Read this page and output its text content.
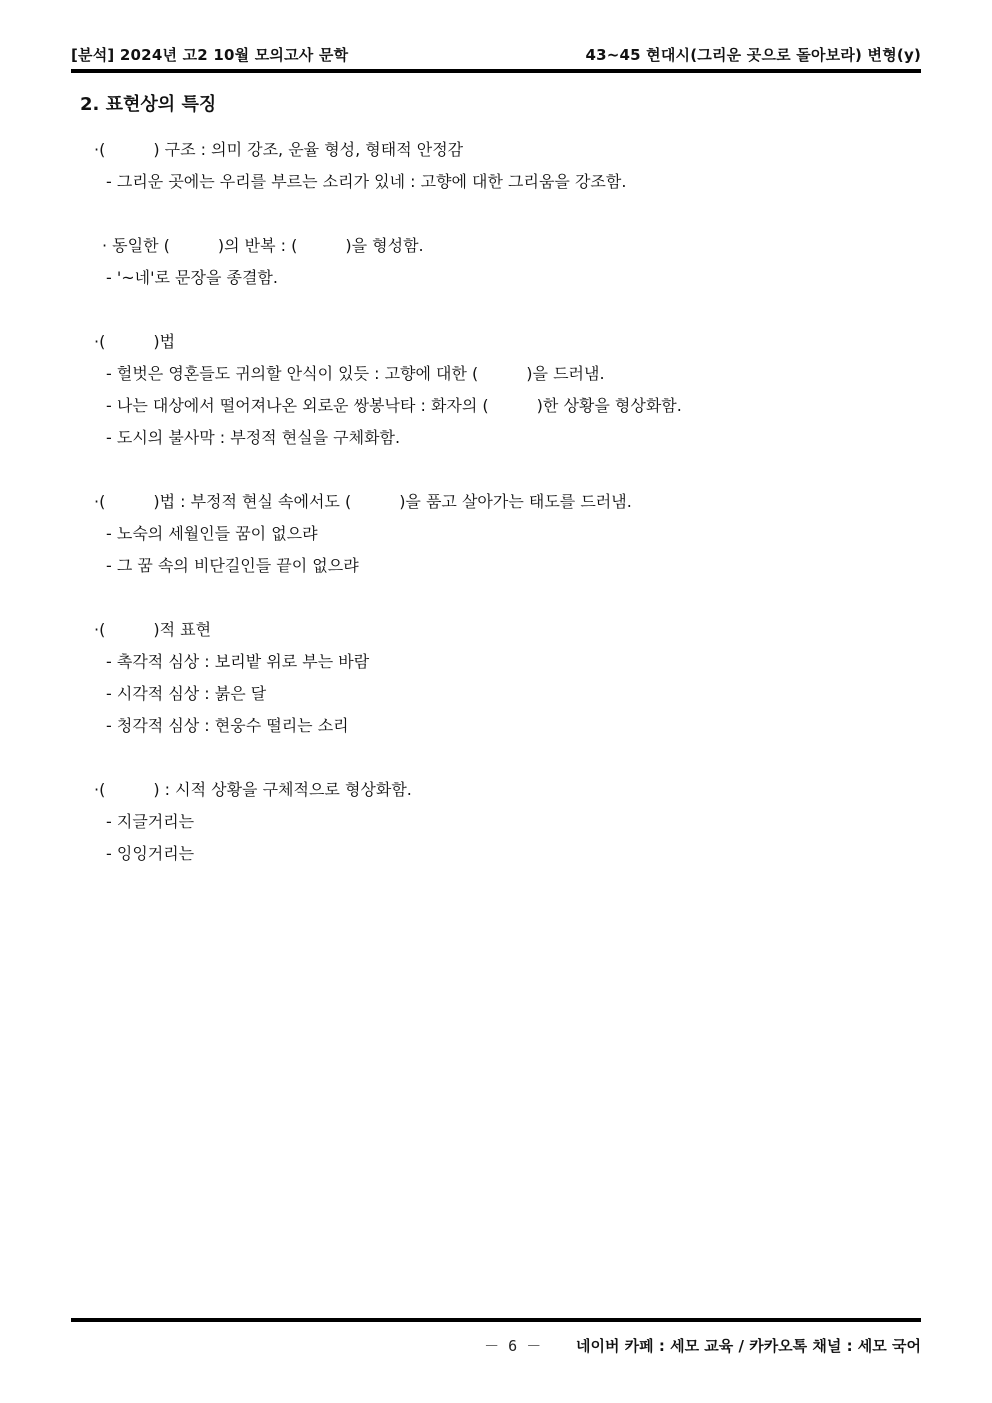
[분석] 2024년 고2 10월 모의고사 문학	43~45 현대시(그리운 곳으로 돌아보라) 변형(y)
2. 표현상의 특징
·(　　　) 구조 : 의미 강조, 운율 형성, 형태적 안정감
- 그리운 곳에는 우리를 부르는 소리가 있네 : 고향에 대한 그리움을 강조함.
· 동일한 (　　　)의 반복 : (　　　)을 형성함.
- '~네'로 문장을 종결함.
·(　　　)법
- 헐벗은 영혼들도 귀의할 안식이 있듯 : 고향에 대한 (　　　)을 드러냄.
- 나는 대상에서 떨어져나온 외로운 쌍봉낙타 : 화자의 (　　　)한 상황을 형상화함.
- 도시의 불사막 : 부정적 현실을 구체화함.
·(　　　)법 : 부정적 현실 속에서도 (　　　)을 품고 살아가는 태도를 드러냄.
- 노숙의 세월인들 꿈이 없으랴
- 그 꿈 속의 비단길인들 끝이 없으랴
·(　　　)적 표현
- 촉각적 심상 : 보리밭 위로 부는 바람
- 시각적 심상 : 붉은 달
- 청각적 심상 : 현웅수 떨리는 소리
·(　　　) : 시적 상황을 구체적으로 형상화함.
- 지글거리는
- 잉잉거리는
－ 6 － 네이버 카페 : 세모 교육 / 카카오톡 채널 : 세모 국어
